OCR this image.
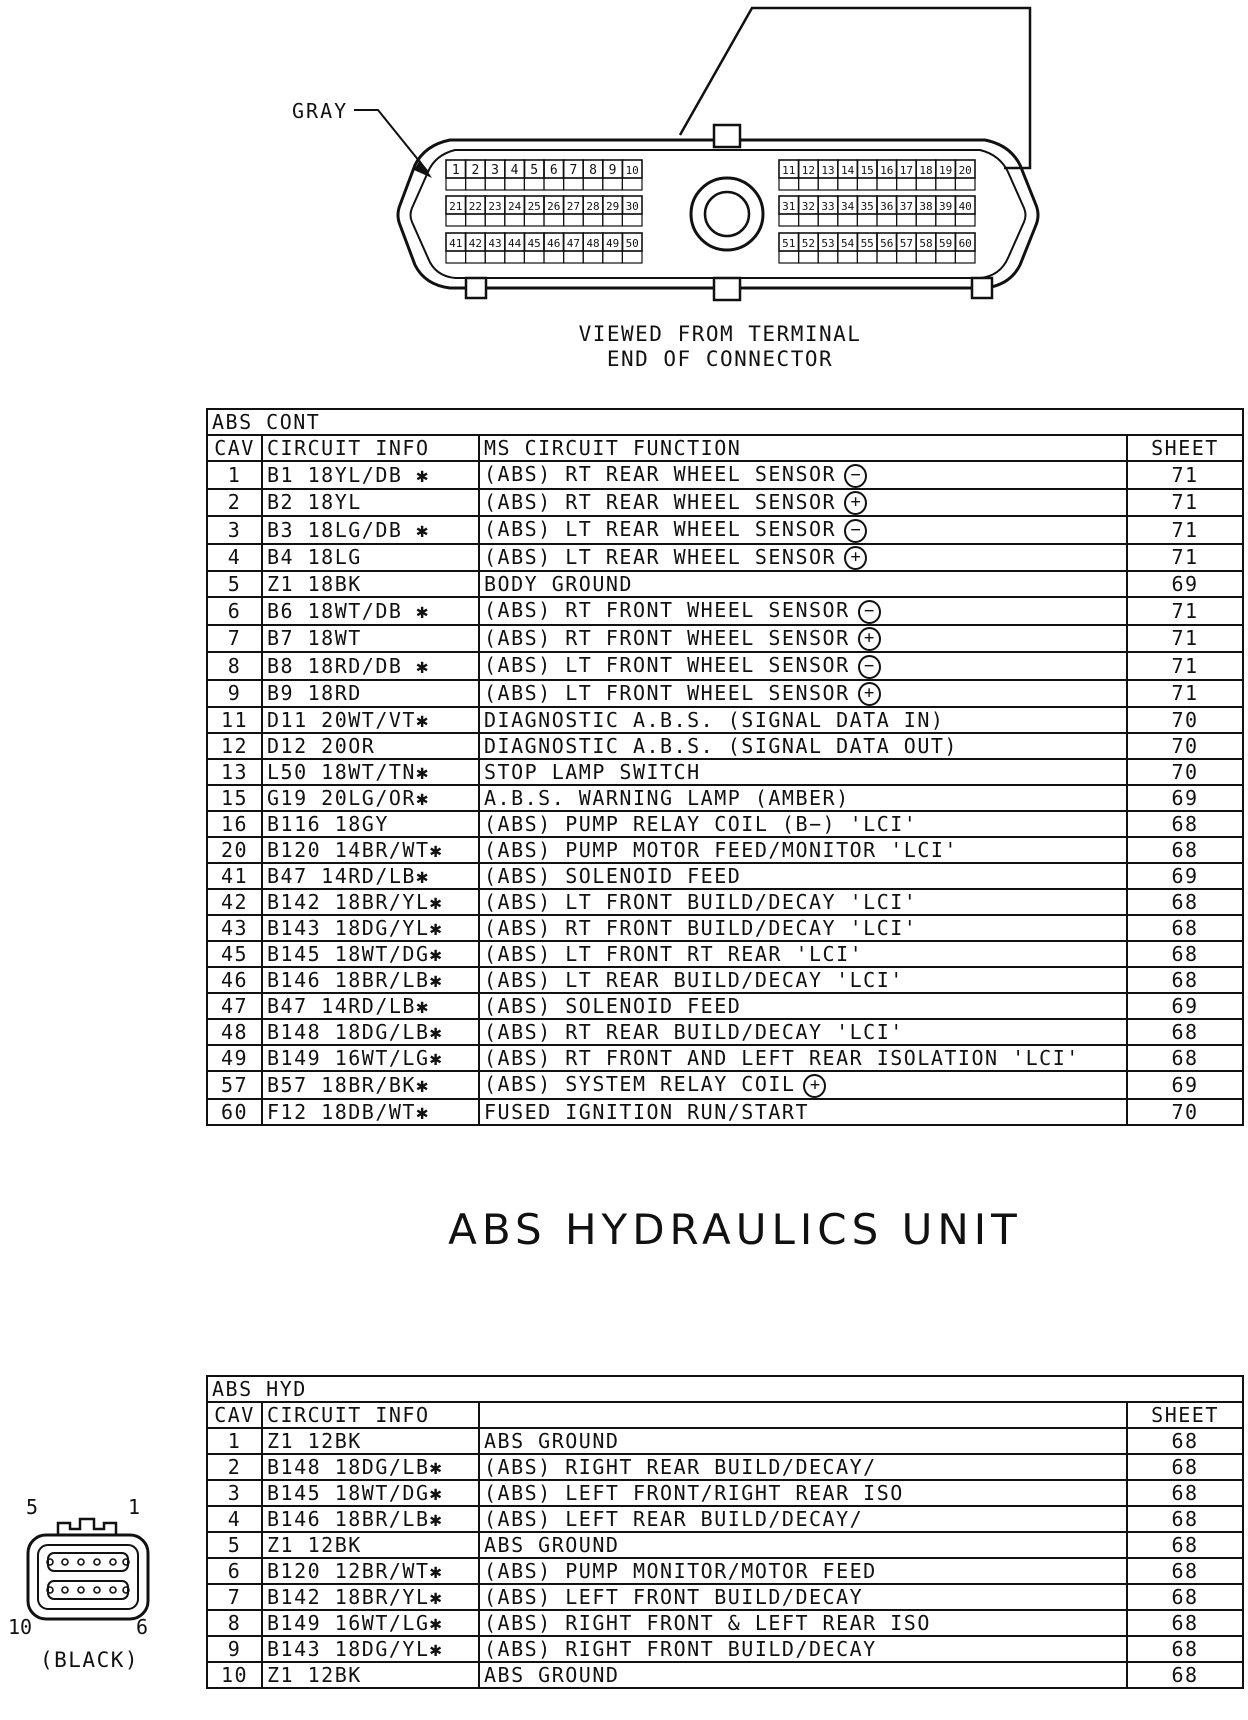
GRAY
1 2 3 4 5 6 7 8 9 10
21 22 23 24 25 26 27 28 29 30
41 42 43 44 45 46 47 48 49 50
11 12 13 14 15 16 17 18 19 20
31 32 33 34 35 36 37 38 39 40
51 52 53 54 55 56 57 58 59 60
VIEWED FROM TERMINAL
END OF CONNECTOR
ABS CONT			
CAV	CIRCUIT INFO	MS CIRCUIT FUNCTION	SHEET
1	B1 18YL/DB ✱	(ABS) RT REAR WHEEL SENSOR −	71
2	B2 18YL	(ABS) RT REAR WHEEL SENSOR +	71
3	B3 18LG/DB ✱	(ABS) LT REAR WHEEL SENSOR −	71
4	B4 18LG	(ABS) LT REAR WHEEL SENSOR +	71
5	Z1 18BK	BODY GROUND	69
6	B6 18WT/DB ✱	(ABS) RT FRONT WHEEL SENSOR −	71
7	B7 18WT	(ABS) RT FRONT WHEEL SENSOR +	71
8	B8 18RD/DB ✱	(ABS) LT FRONT WHEEL SENSOR −	71
9	B9 18RD	(ABS) LT FRONT WHEEL SENSOR +	71
11	D11 20WT/VT✱	DIAGNOSTIC A.B.S. (SIGNAL DATA IN)	70
12	D12 20OR	DIAGNOSTIC A.B.S. (SIGNAL DATA OUT)	70
13	L50 18WT/TN✱	STOP LAMP SWITCH	70
15	G19 20LG/OR✱	A.B.S. WARNING LAMP (AMBER)	69
16	B116 18GY	(ABS) PUMP RELAY COIL (B−) 'LCI'	68
20	B120 14BR/WT✱	(ABS) PUMP MOTOR FEED/MONITOR 'LCI'	68
41	B47 14RD/LB✱	(ABS) SOLENOID FEED	69
42	B142 18BR/YL✱	(ABS) LT FRONT BUILD/DECAY 'LCI'	68
43	B143 18DG/YL✱	(ABS) RT FRONT BUILD/DECAY 'LCI'	68
45	B145 18WT/DG✱	(ABS) LT FRONT RT REAR 'LCI'	68
46	B146 18BR/LB✱	(ABS) LT REAR BUILD/DECAY 'LCI'	68
47	B47 14RD/LB✱	(ABS) SOLENOID FEED	69
48	B148 18DG/LB✱	(ABS) RT REAR BUILD/DECAY 'LCI'	68
49	B149 16WT/LG✱	(ABS) RT FRONT AND LEFT REAR ISOLATION 'LCI'	68
57	B57 18BR/BK✱	(ABS) SYSTEM RELAY COIL +	69
60	F12 18DB/WT✱	FUSED IGNITION RUN/START	70
ABS HYDRAULICS UNIT
5	1
10	6
(BLACK)
ABS HYD			
CAV	CIRCUIT INFO		SHEET
1	Z1 12BK	ABS GROUND	68
2	B148 18DG/LB✱	(ABS) RIGHT REAR BUILD/DECAY/	68
3	B145 18WT/DG✱	(ABS) LEFT FRONT/RIGHT REAR ISO	68
4	B146 18BR/LB✱	(ABS) LEFT REAR BUILD/DECAY/	68
5	Z1 12BK	ABS GROUND	68
6	B120 12BR/WT✱	(ABS) PUMP MONITOR/MOTOR FEED	68
7	B142 18BR/YL✱	(ABS) LEFT FRONT BUILD/DECAY	68
8	B149 16WT/LG✱	(ABS) RIGHT FRONT & LEFT REAR ISO	68
9	B143 18DG/YL✱	(ABS) RIGHT FRONT BUILD/DECAY	68
10	Z1 12BK	ABS GROUND	68
